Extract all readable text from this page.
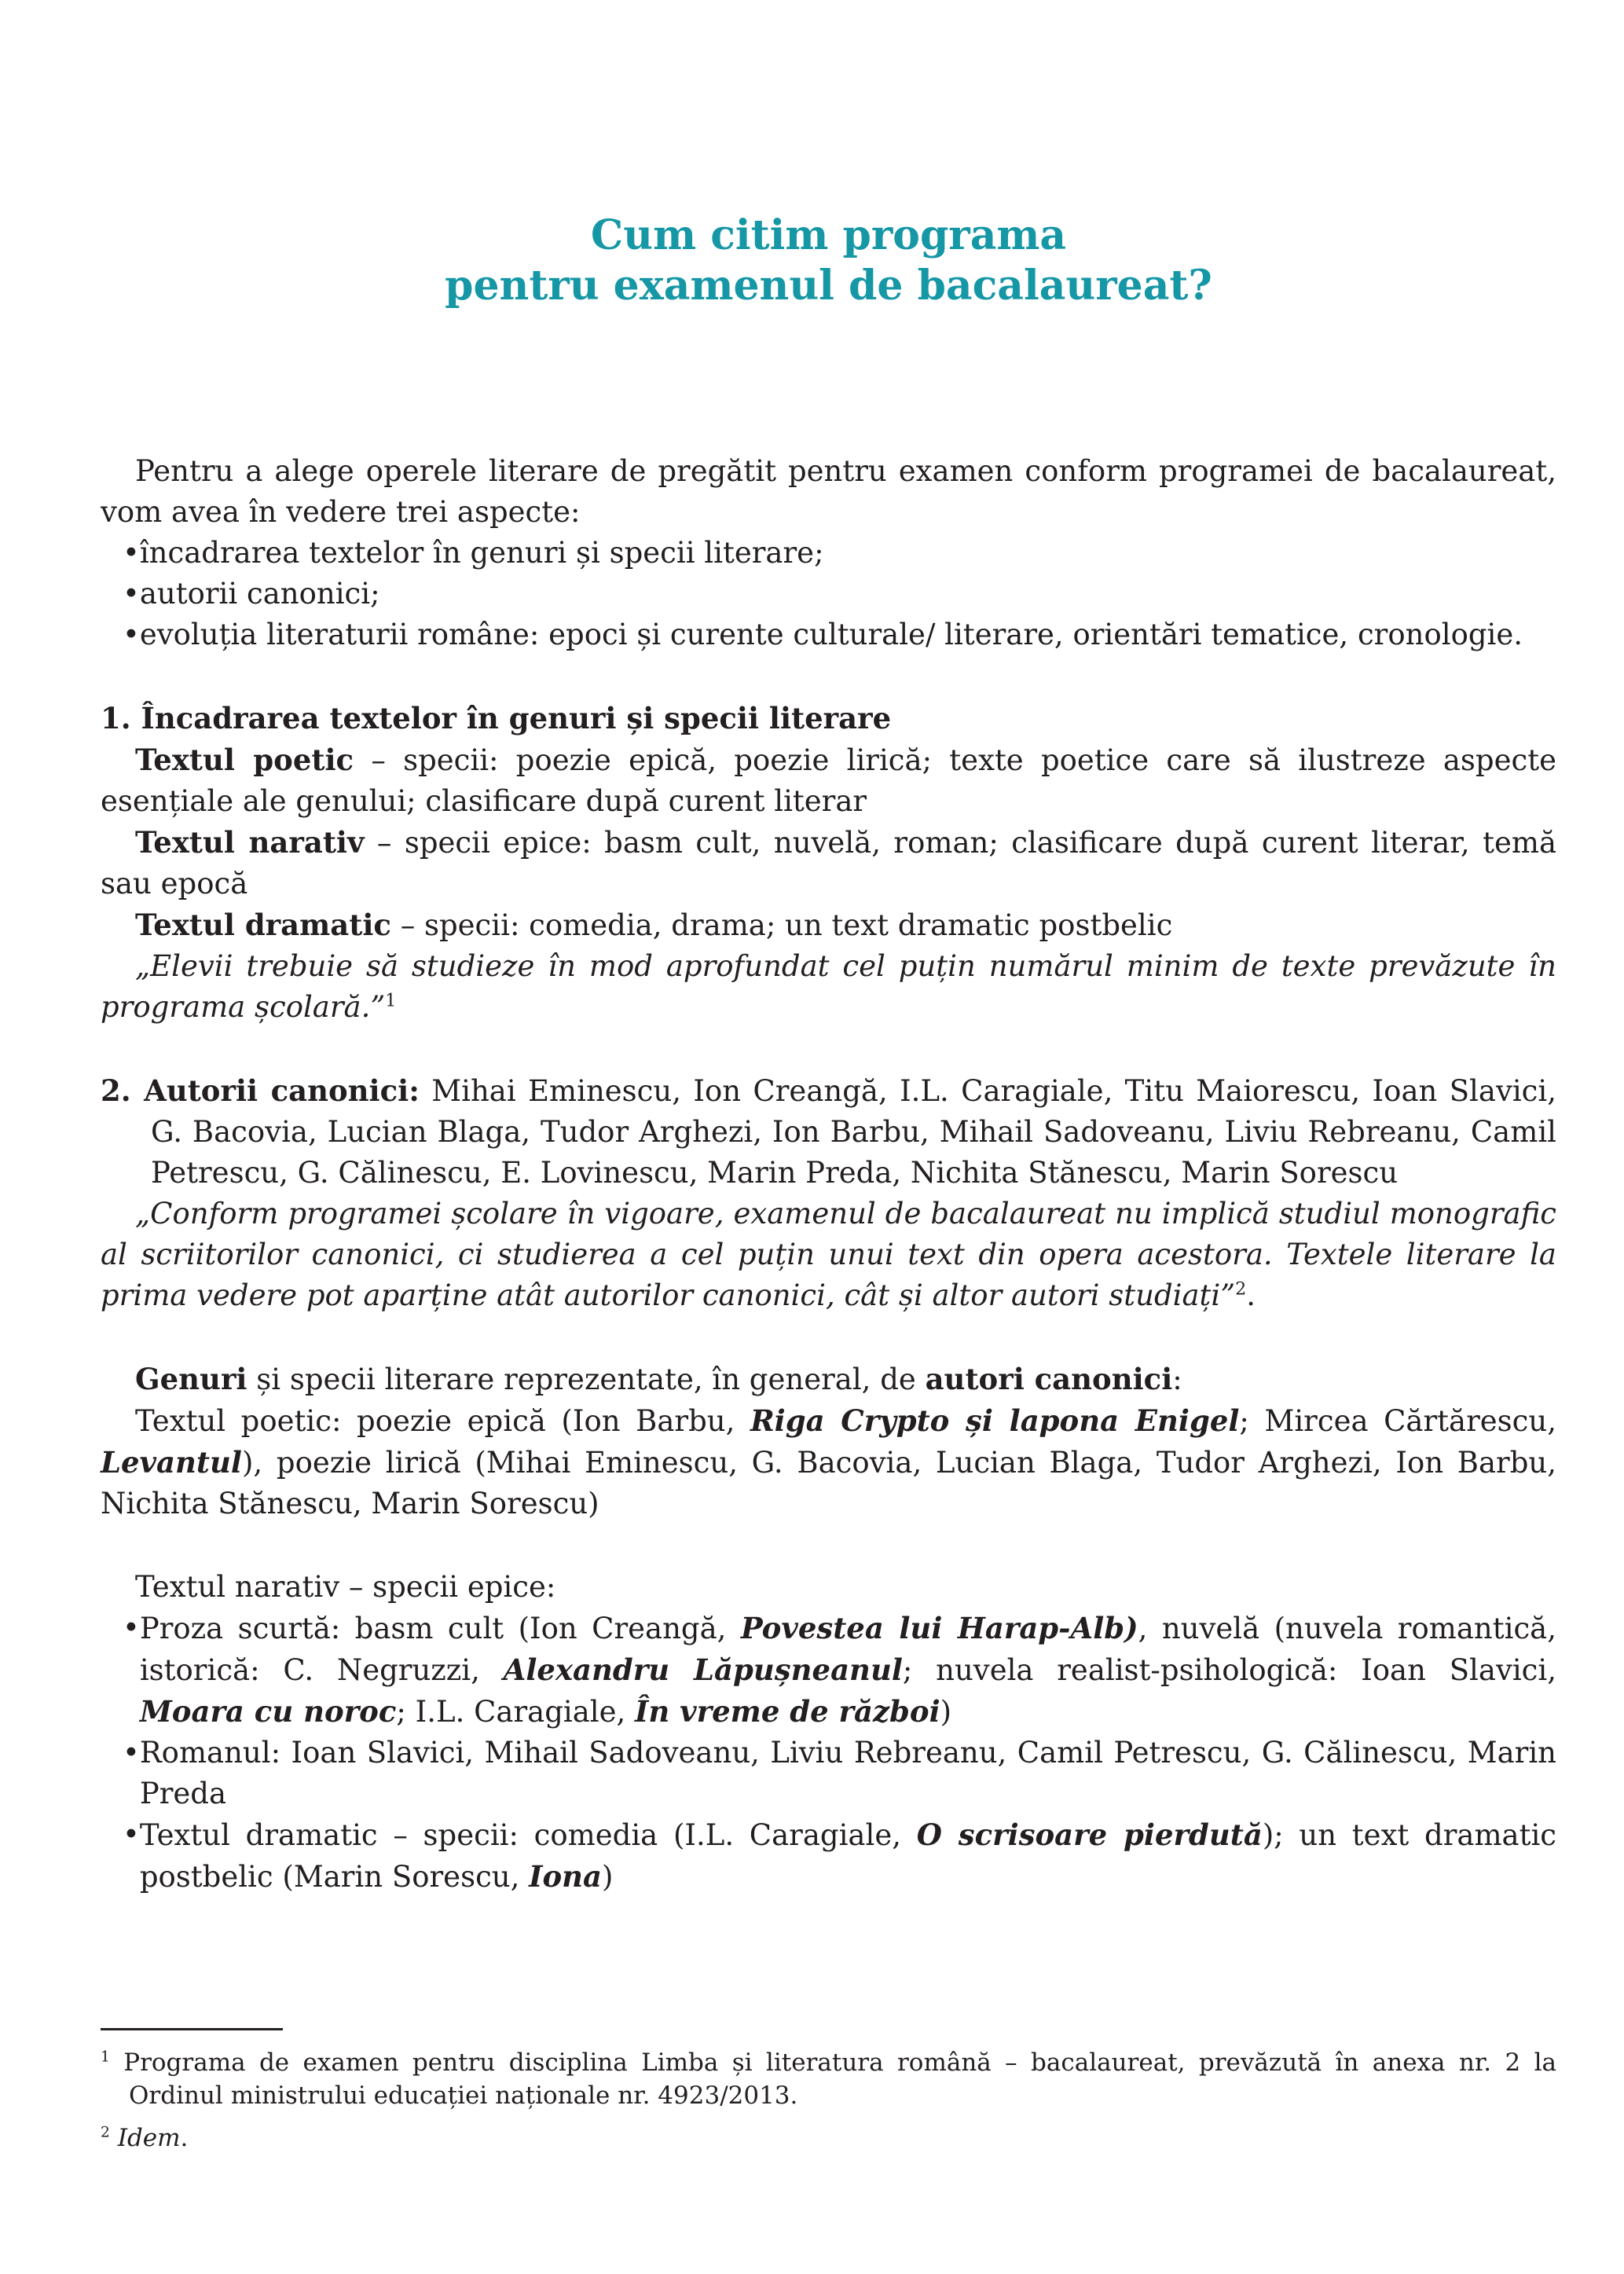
Cum citim programa
pentru examenul de bacalaureat?
Pentru a alege operele literare de pregătit pentru examen conform programei de bacalaureat, vom avea în vedere trei aspecte:
• încadrarea textelor în genuri și specii literare;
• autorii canonici;
• evoluția literaturii române: epoci și curente culturale/ literare, orientări tematice, cronologie.
1. Încadrarea textelor în genuri și specii literare
Textul poetic – specii: poezie epică, poezie lirică; texte poetice care să ilustreze aspecte esențiale ale genului; clasificare după curent literar
Textul narativ – specii epice: basm cult, nuvelă, roman; clasificare după curent literar, temă sau epocă
Textul dramatic – specii: comedia, drama; un text dramatic postbelic
„Elevii trebuie să studieze în mod aprofundat cel puțin numărul minim de texte prevăzute în programa școlară.”$^1$
2. Autorii canonici: Mihai Eminescu, Ion Creangă, I.L. Caragiale, Titu Maiorescu, Ioan Slavici, G. Bacovia, Lucian Blaga, Tudor Arghezi, Ion Barbu, Mihail Sadoveanu, Liviu Rebreanu, Camil Petrescu, G. Călinescu, E. Lovinescu, Marin Preda, Nichita Stănescu, Marin Sorescu
„Conform programei școlare în vigoare, examenul de bacalaureat nu implică studiul monografic al scriitorilor canonici, ci studierea a cel puțin unui text din opera acestora. Textele literare la prima vedere pot aparține atât autorilor canonici, cât și altor autori studiați”$^2$.
Genuri și specii literare reprezentate, în general, de autori canonici:
Textul poetic: poezie epică (Ion Barbu, Riga Crypto și lapona Enigel; Mircea Cărtărescu, Levantul), poezie lirică (Mihai Eminescu, G. Bacovia, Lucian Blaga, Tudor Arghezi, Ion Barbu, Nichita Stănescu, Marin Sorescu)
Textul narativ – specii epice:
• Proza scurtă: basm cult (Ion Creangă, Povestea lui Harap-Alb), nuvelă (nuvela romantică, istorică: C. Negruzzi, Alexandru Lăpușneanul; nuvela realist-psihologică: Ioan Slavici, Moara cu noroc; I.L. Caragiale, În vreme de război)
• Romanul: Ioan Slavici, Mihail Sadoveanu, Liviu Rebreanu, Camil Petrescu, G. Călinescu, Marin Preda
• Textul dramatic – specii: comedia (I.L. Caragiale, O scrisoare pierdută); un text dramatic postbelic (Marin Sorescu, Iona)
$^1$ Programa de examen pentru disciplina Limba și literatura română – bacalaureat, prevăzută în anexa nr. 2 la Ordinul ministrului educației naționale nr. 4923/2013.
$^2$ Idem.
